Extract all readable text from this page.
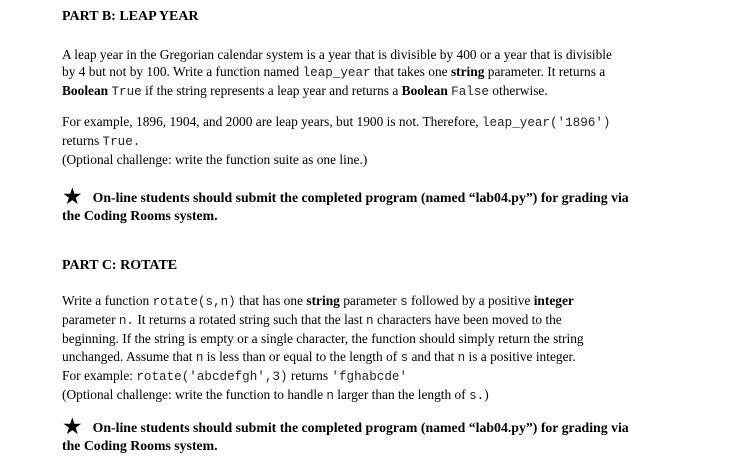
PART B: LEAP YEAR
A leap year in the Gregorian calendar system is a year that is divisible by 400 or a year that is divisible
by 4 but not by 100. Write a function named leap_year that takes one string parameter. It returns a
Boolean True if the string represents a leap year and returns a Boolean False otherwise.
For example, 1896, 1904, and 2000 are leap years, but 1900 is not. Therefore, leap_year('1896')
returns True.
(Optional challenge: write the function suite as one line.)
★ On-line students should submit the completed program (named “lab04.py”) for grading via
the Coding Rooms system.
PART C: ROTATE
Write a function rotate(s,n) that has one string parameter s followed by a positive integer
parameter n. It returns a rotated string such that the last n characters have been moved to the
beginning. If the string is empty or a single character, the function should simply return the string
unchanged. Assume that n is less than or equal to the length of s and that n is a positive integer.
For example: rotate('abcdefgh',3) returns 'fghabcde'
(Optional challenge: write the function to handle n larger than the length of s.)
★ On-line students should submit the completed program (named “lab04.py”) for grading via
the Coding Rooms system.
